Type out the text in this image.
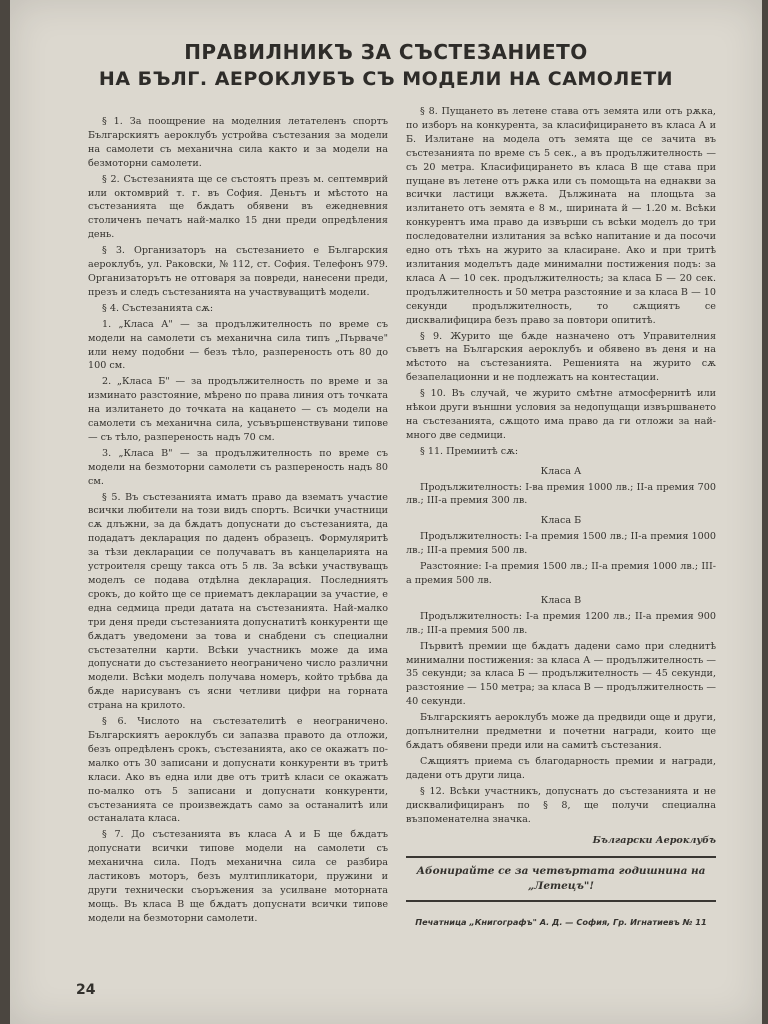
ПРАВИЛНИКЪ ЗА СЪСТЕЗАНИЕТО
НА БЪЛГ. АЕРОКЛУБЪ СЪ МОДЕЛИ НА САМОЛЕТИ

§ 1. За поощрение на моделния летателенъ спортъ Българскиятъ аероклубъ устройва състезания за модели на самолети съ механична сила както и за модели на безмоторни самолети.

§ 2. Състезанията ще се състоятъ презъ м. септемврий или октомврий т. г. въ София. Деньтъ и мѣстото на състезанията ще бѫдатъ обявени въ ежедневния столиченъ печатъ най-малко 15 дни преди опредѣления день.

§ 3. Организаторъ на състезанието е Българския аероклубъ, ул. Раковски, № 112, ст. София. Телефонъ 979. Организаторътъ не отговаря за повреди, нанесени преди, презъ и следъ състезанията на участвуващитѣ модели.

§ 4. Състезанията сѫ:

1. „Класа А" — за продължителность по време съ модели на самолети съ механична сила типъ „Първаче" или нему подобни — безъ тѣло, разпереность отъ 80 до 100 см.

2. „Класа Б" — за продължителность по време и за изминато разстояние, мѣрено по права линия отъ точката на излитането до точката на кацането — съ модели на самолети съ механична сила, усъвършенствувани типове — съ тѣло, разпереность надъ 70 см.

3. „Класа В" — за продължителность по време съ модели на безмоторни самолети съ разпереность надъ 80 см.

§ 5. Въ състезанията иматъ право да взематъ участие всички любители на този видъ спортъ. Всички участници сѫ длъжни, за да бѫдатъ допуснати до състезанията, да подадатъ декларация по даденъ образецъ. Формуляритѣ за тѣзи декларации се получаватъ въ канцеларията на устроителя срещу такса отъ 5 лв. За всѣки участвуващъ моделъ се подава отдѣлна декларация. Последниятъ срокъ, до който ще се приематъ декларации за участие, е една седмица преди датата на състезанията. Най-малко три деня преди състезанията допуснатитѣ конкуренти ще бѫдатъ уведомени за това и снабдени съ специални състезателни карти. Всѣки участникъ може да има допуснати до състезанието неограничено число различни модели. Всѣки моделъ получава номеръ, който трѣбва да бѫде нарисуванъ съ ясни четливи цифри на горната страна на крилото.

§ 6. Числото на състезателитѣ е неограничено. Българскиятъ аероклубъ си запазва правото да отложи, безъ опредѣленъ срокъ, състезанията, ако се окажатъ по-малко отъ 30 записани и допуснати конкуренти въ тритѣ класи. Ако въ една или две отъ тритѣ класи се окажатъ по-малко отъ 5 записани и допуснати конкуренти, състезанията се произвеждатъ само за останалитѣ или останалата класа.

§ 7. До състезанията въ класа А и Б ще бѫдатъ допуснати всички типове модели на самолети съ механична сила. Подъ механична сила се разбира ластиковъ моторъ, безъ мултипликатори, пружини и други технически съоръжения за усилване моторната мощь. Въ класа В ще бѫдатъ допуснати всички типове модели на безмоторни самолети.

§ 8. Пущането въ летене става отъ земята или отъ рѫка, по изборъ на конкурента, за класифицирането въ класа А и Б. Излитане на модела отъ земята ще се зачита въ състезанията по време съ 5 сек., а въ продължителность — съ 20 метра. Класифицирането въ класа В ще става при пущане въ летене отъ рѫка или съ помощьта на еднакви за всички ластици вѫжета. Дължината на площьта за излитането отъ земята е 8 м., ширината й — 1.20 м. Всѣки конкурентъ има право да извърши съ всѣки моделъ до три последователни излитания за всѣко напитание и да посочи едно отъ тѣхъ на журито за класиране. Ако и при тритѣ излитания моделътъ даде минимални постижения подъ: за класа А — 10 сек. продължителность; за класа Б — 20 сек. продължителность и 50 метра разстояние и за класа В — 10 секунди продължителность, то сѫщиятъ се дисквалифицира безъ право за повтори опититѣ.

§ 9. Журито ще бѫде назначено отъ Управителния съветъ на Българския аероклубъ и обявено въ деня и на мѣстото на състезанията. Решенията на журито сѫ безапелационни и не подлежатъ на контестации.

§ 10. Въ случай, че журито смѣтне атмосфернитѣ или нѣкои други външни условия за недопущащи извършването на състезанията, сѫщото има право да ги отложи за най-много две седмици.

§ 11. Премиитѣ сѫ:

Класа А

Продължителность: I-ва премия 1000 лв.; II-а премия 700 лв.; III-а премия 300 лв.

Класа Б

Продължителность: I-а премия 1500 лв.; II-а премия 1000 лв.; III-а премия 500 лв.

Разстояние: I-а премия 1500 лв.; II-а премия 1000 лв.; III-а премия 500 лв.

Класа В

Продължителность: I-а премия 1200 лв.; II-а премия 900 лв.; III-а премия 500 лв.

Първитѣ премии ще бѫдатъ дадени само при следнитѣ минимални постижения: за класа А — продължителность — 35 секунди; за класа Б — продължителность — 45 секунди, разстояние — 150 метра; за класа В — продължителность — 40 секунди.

Българскиятъ аероклубъ може да предвиди още и други, допълнителни предметни и почетни награди, които ще бѫдатъ обявени преди или на самитѣ състезания.

Сѫщиятъ приема съ благодарность премии и награди, дадени отъ други лица.

§ 12. Всѣки участникъ, допуснатъ до състезанията и не дисквалифициранъ по § 8, ще получи специална възпоменателна значка.

Български Аероклубъ

Абонирайте се за четвъртата годишнина на
„Летецъ"!
Печатница „Книгографъ" А. Д. — София, Гр. Игнатиевъ № 11
24
